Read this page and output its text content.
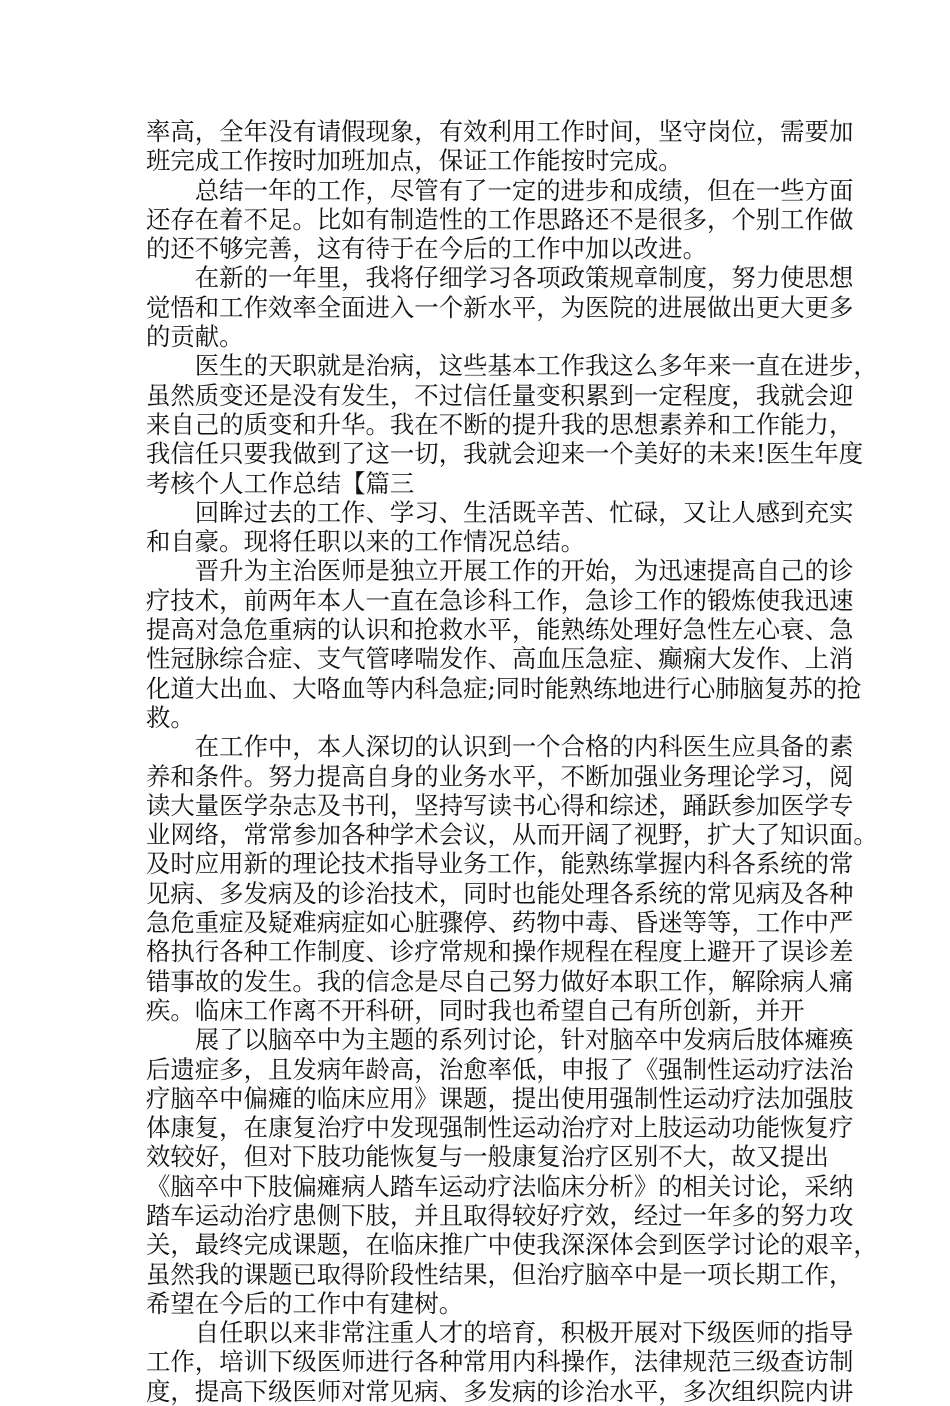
率高，全年没有请假现象，有效利用工作时间，坚守岗位，需要加
班完成工作按时加班加点，保证工作能按时完成。
　　总结一年的工作，尽管有了一定的进步和成绩，但在一些方面
还存在着不足。比如有制造性的工作思路还不是很多，个别工作做
的还不够完善，这有待于在今后的工作中加以改进。
　　在新的一年里，我将仔细学习各项政策规章制度，努力使思想
觉悟和工作效率全面进入一个新水平，为医院的进展做出更大更多
的贡献。
　　医生的天职就是治病，这些基本工作我这么多年来一直在进步，
虽然质变还是没有发生，不过信任量变积累到一定程度，我就会迎
来自己的质变和升华。我在不断的提升我的思想素养和工作能力，
我信任只要我做到了这一切，我就会迎来一个美好的未来!医生年度
考核个人工作总结【篇三
　　回眸过去的工作、学习、生活既辛苦、忙碌，又让人感到充实
和自豪。现将任职以来的工作情况总结。
　　晋升为主治医师是独立开展工作的开始，为迅速提高自己的诊
疗技术，前两年本人一直在急诊科工作，急诊工作的锻炼使我迅速
提高对急危重病的认识和抢救水平，能熟练处理好急性左心衰、急
性冠脉综合症、支气管哮喘发作、高血压急症、癫痫大发作、上消
化道大出血、大咯血等内科急症;同时能熟练地进行心肺脑复苏的抢
救。
　　在工作中，本人深切的认识到一个合格的内科医生应具备的素
养和条件。努力提高自身的业务水平，不断加强业务理论学习，阅
读大量医学杂志及书刊，坚持写读书心得和综述，踊跃参加医学专
业网络，常常参加各种学术会议，从而开阔了视野，扩大了知识面。
及时应用新的理论技术指导业务工作，能熟练掌握内科各系统的常
见病、多发病及的诊治技术，同时也能处理各系统的常见病及各种
急危重症及疑难病症如心脏骤停、药物中毒、昏迷等等，工作中严
格执行各种工作制度、诊疗常规和操作规程在程度上避开了误诊差
错事故的发生。我的信念是尽自己努力做好本职工作，解除病人痛
疾。临床工作离不开科研，同时我也希望自己有所创新，并开
　　展了以脑卒中为主题的系列讨论，针对脑卒中发病后肢体瘫痪
后遗症多，且发病年龄高，治愈率低，申报了《强制性运动疗法治
疗脑卒中偏瘫的临床应用》课题，提出使用强制性运动疗法加强肢
体康复，在康复治疗中发现强制性运动治疗对上肢运动功能恢复疗
效较好，但对下肢功能恢复与一般康复治疗区别不大，故又提出
《脑卒中下肢偏瘫病人踏车运动疗法临床分析》的相关讨论，采纳
踏车运动治疗患侧下肢，并且取得较好疗效，经过一年多的努力攻
关，最终完成课题，在临床推广中使我深深体会到医学讨论的艰辛，
虽然我的课题已取得阶段性结果，但治疗脑卒中是一项长期工作，
希望在今后的工作中有建树。
　　自任职以来非常注重人才的培育，积极开展对下级医师的指导
工作，培训下级医师进行各种常用内科操作，法律规范三级查访制
度，提高下级医师对常见病、多发病的诊治水平，多次组织院内讲
